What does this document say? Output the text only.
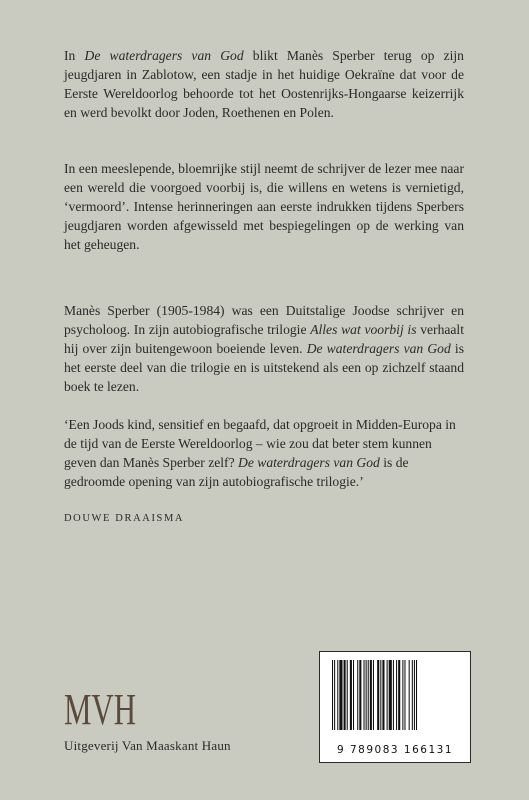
In De waterdragers van God blikt Manès Sperber terug op zijn jeugdjaren in Zablotow, een stadje in het huidige Oekraïne dat voor de Eerste Wereldoorlog behoorde tot het Oostenrijks-Hongaarse keizerrijk en werd bevolkt door Joden, Roethenen en Polen.

In een meeslepende, bloemrijke stijl neemt de schrijver de lezer mee naar een wereld die voorgoed voorbij is, die willens en wetens is vernietigd, ‘vermoord’. Intense herinneringen aan eerste indrukken tijdens Sperbers jeugdjaren worden afgewisseld met bespiegelingen op de werking van het geheugen.

Manès Sperber (1905-1984) was een Duitstalige Joodse schrijver en psycholoog. In zijn autobiografische trilogie Alles wat voorbij is verhaalt hij over zijn buitengewoon boeiende leven. De waterdragers van God is het eerste deel van die trilogie en is uitstekend als een op zichzelf staand boek te lezen.

‘Een Joods kind, sensitief en begaafd, dat opgroeit in Midden-Europa in de tijd van de Eerste Wereldoorlog – wie zou dat beter stem kunnen geven dan Manès Sperber zelf? De waterdragers van God is de gedroomde opening van zijn autobiografische trilogie.’

DOUWE DRAAISMA
MVH
Uitgeverij Van Maaskant Haun	9 789083 166131
